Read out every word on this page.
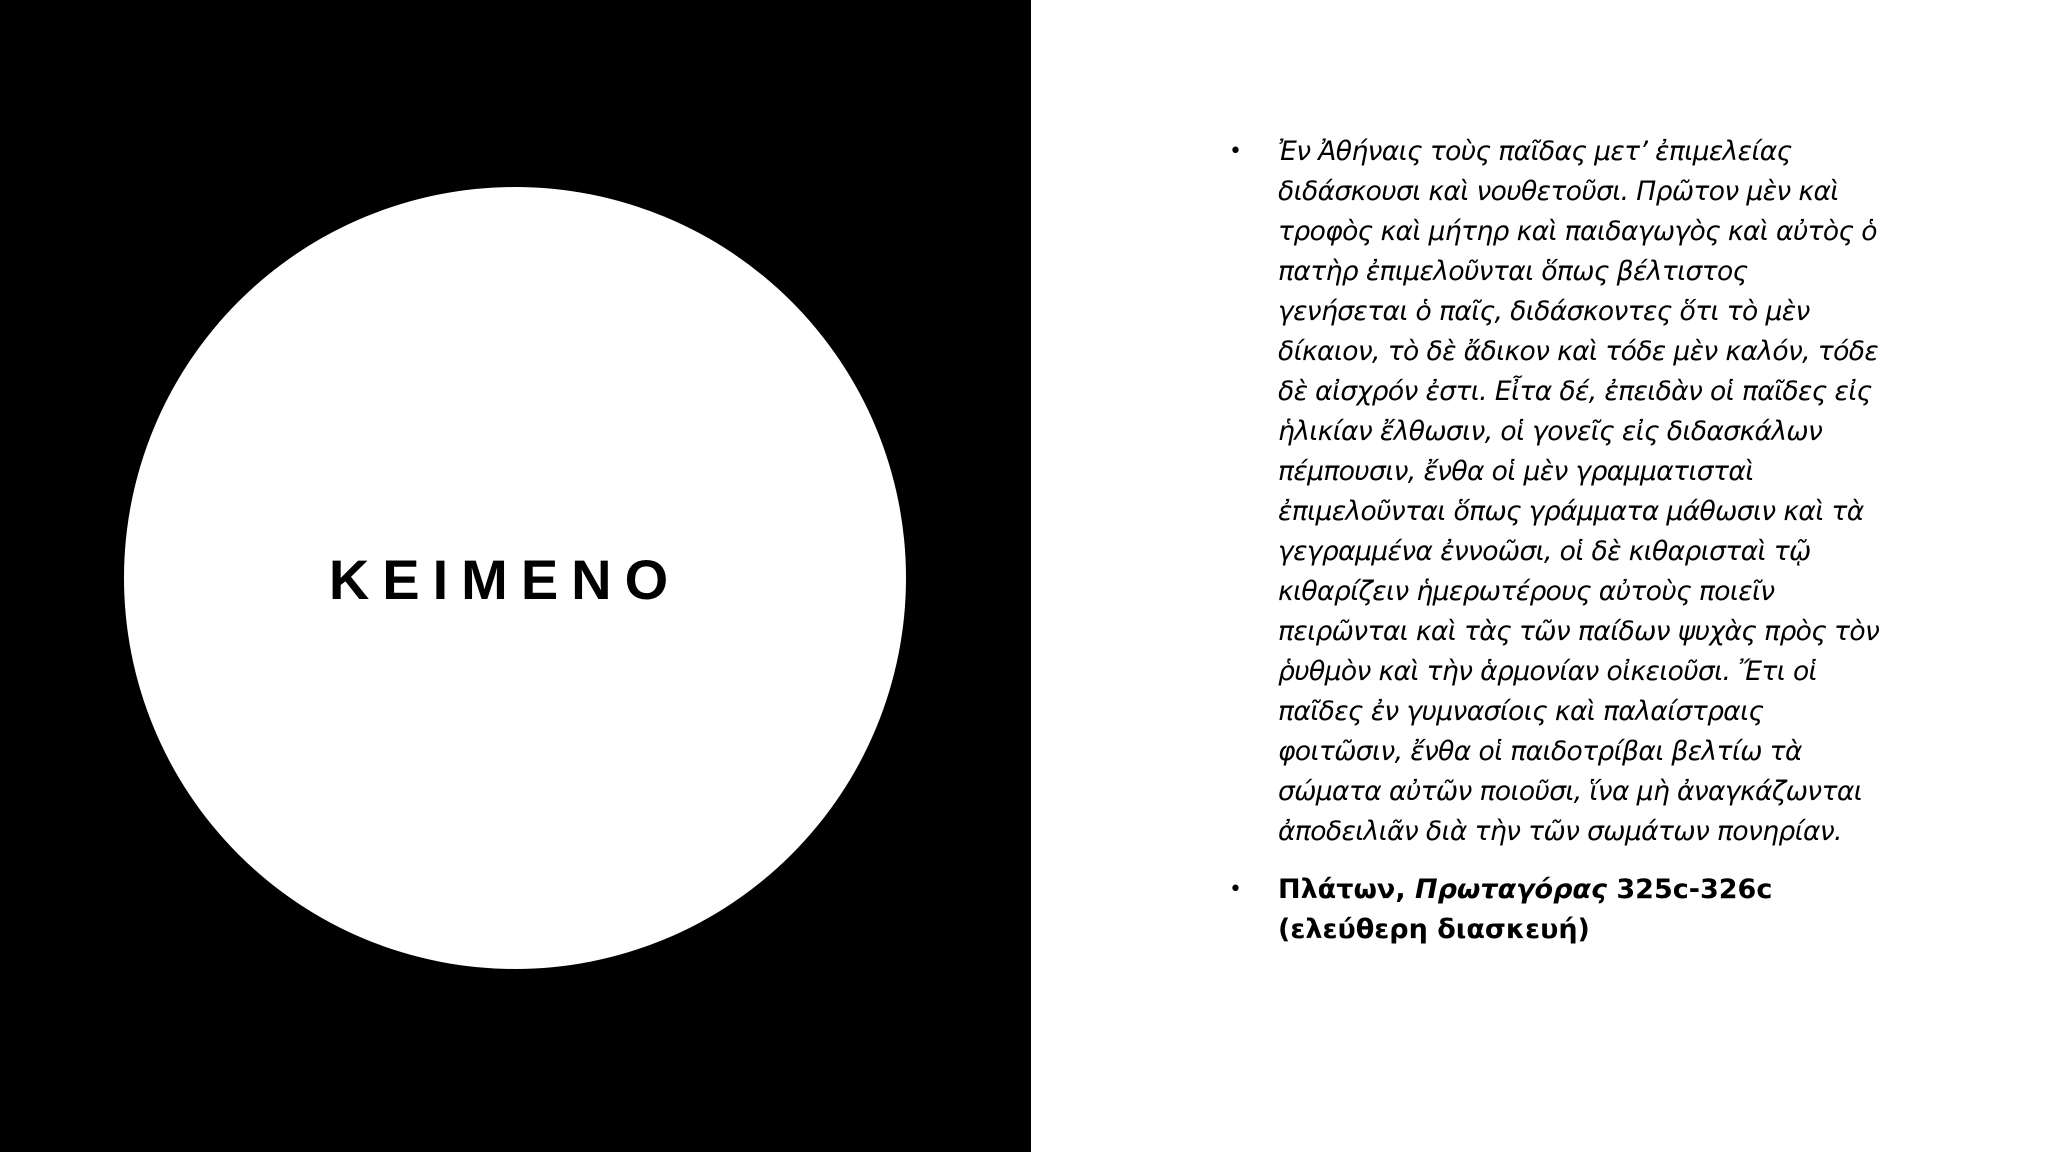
KEIMENO
• Ἐν Ἀθήναις τοὺς παῖδας μετ’ ἐπιμελείας διδάσκουσι καὶ νουθετοῦσι. Πρῶτον μὲν καὶ τροφὸς καὶ μήτηρ καὶ παιδαγωγὸς καὶ αὐτὸς ὁ πατὴρ ἐπιμελοῦνται ὅπως βέλτιστος γενήσεται ὁ παῖς, διδάσκοντες ὅτι τὸ μὲν δίκαιον, τὸ δὲ ἄδικον καὶ τόδε μὲν καλόν, τόδε δὲ αἰσχρόν ἐστι. Εἶτα δέ, ἐπειδὰν οἱ παῖδες εἰς ἡλικίαν ἔλθωσιν, οἱ γονεῖς εἰς διδασκάλων πέμπουσιν, ἔνθα οἱ μὲν γραμματισταὶ ἐπιμελοῦνται ὅπως γράμματα μάθωσιν καὶ τὰ γεγραμμένα ἐννοῶσι, οἱ δὲ κιθαρισταὶ τῷ κιθαρίζειν ἡμερωτέρους αὐτοὺς ποιεῖν πειρῶνται καὶ τὰς τῶν παίδων ψυχὰς πρὸς τὸν ῥυθμὸν καὶ τὴν ἁρμονίαν οἰκειοῦσι. Ἔτι οἱ παῖδες ἐν γυμνασίοις καὶ παλαίστραις φοιτῶσιν, ἔνθα οἱ παιδοτρίβαι βελτίω τὰ σώματα αὐτῶν ποιοῦσι, ἵνα μὴ ἀναγκάζωνται ἀποδειλιᾶν διὰ τὴν τῶν σωμάτων πονηρίαν.
• Πλάτων, Πρωταγόρας 325c-326c
(ελεύθερη διασκευή)
